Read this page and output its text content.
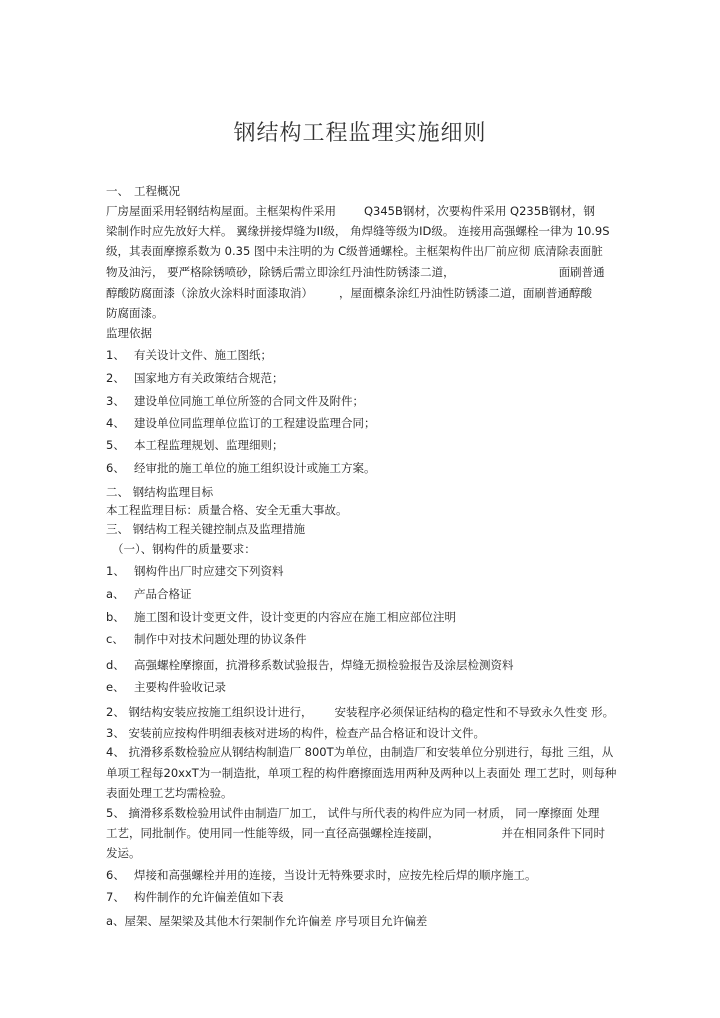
钢结构工程监理实施细则
一、 工程概况
厂房屋面采用轻钢结构屋面。主框架构件采用 Q345B钢材，次要构件采用 Q235B钢材，钢
梁制作时应先放好大样。 翼缘拼接焊缝为II级， 角焊缝等级为ID级。 连接用高强螺栓一律为 10.9S
级，其表面摩擦系数为 0.35 图中未注明的为 C级普通螺栓。主框架构件出厂前应彻 底清除表面脏
物及油污， 要严格除锈喷砂，除锈后需立即涂红丹油性防锈漆二道，	面刷普通
醇酸防腐面漆（涂放火涂料时面漆取消） ，屋面檩条涂红丹油性防锈漆二道，面刷普通醇酸
防腐面漆。
监理依据
1、 有关设计文件、施工图纸；
2、 国家地方有关政策结合规范；
3、 建设单位同施工单位所签的合同文件及附件；
4、 建设单位同监理单位监订的工程建设监理合同；
5、 本工程监理规划、监理细则；
6、 经审批的施工单位的施工组织设计或施工方案。
二、 钢结构监理目标
本工程监理目标：质量合格、安全无重大事故。
三、 钢结构工程关键控制点及监理措施
（一）、钢构件的质量要求：
1、 钢构件出厂时应建交下列资料
a、 产品合格证
b、 施工图和设计变更文件，设计变更的内容应在施工相应部位注明
c、 制作中对技术问题处理的协议条件
d、 高强螺栓摩擦面，抗滑移系数试验报告，焊缝无损检验报告及涂层检测资料
e、 主要构件验收记录
2、 钢结构安装应按施工组织设计进行， 安装程序必须保证结构的稳定性和不导致永久性变 形。
3、 安装前应按构件明细表核对进场的构件，检查产品合格证和设计文件。
4、 抗滑移系数检验应从钢结构制造厂 800T为单位，由制造厂和安装单位分别进行，每批 三组，从
单项工程每20xxT为一制造批，单项工程的构件磨擦面选用两种及两种以上表面处 理工艺时，则每种
表面处理工艺均需检验。
5、 摘滑移系数检验用试件由制造厂加工， 试件与所代表的构件应为同一材质， 同一摩擦面 处理
工艺，同批制作。使用同一性能等级，同一直径高强螺栓连接副，	并在相同条件下同时
发运。
6、 焊接和高强螺栓并用的连接，当设计无特殊要求时，应按先栓后焊的顺序施工。
7、 构件制作的允许偏差值如下表
a、屋架、屋架梁及其他木行架制作允许偏差 序号项目允许偏差
